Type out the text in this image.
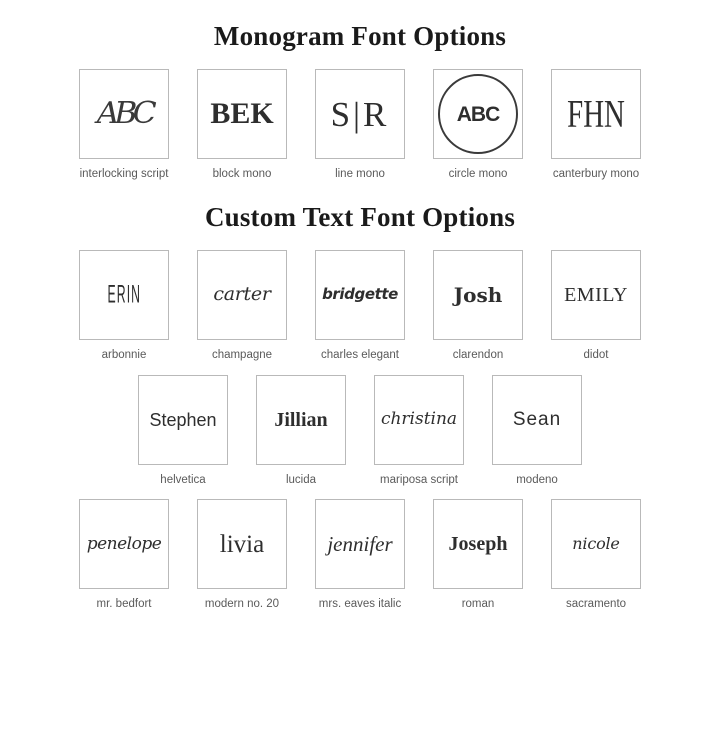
Monogram Font Options
ABC
interlocking script
BEK
block mono
S|R
line mono
ABC
circle mono
FHN
canterbury mono
Custom Text Font Options
ERIN
arbonnie
carter
champagne
bridgette
charles elegant
Josh
clarendon
EMILY
didot
Stephen
helvetica
Jillian
lucida
christina
mariposa script
Sean
modeno
penelope
mr. bedfort
livia
modern no. 20
jennifer
mrs. eaves italic
Joseph
roman
nicole
sacramento
